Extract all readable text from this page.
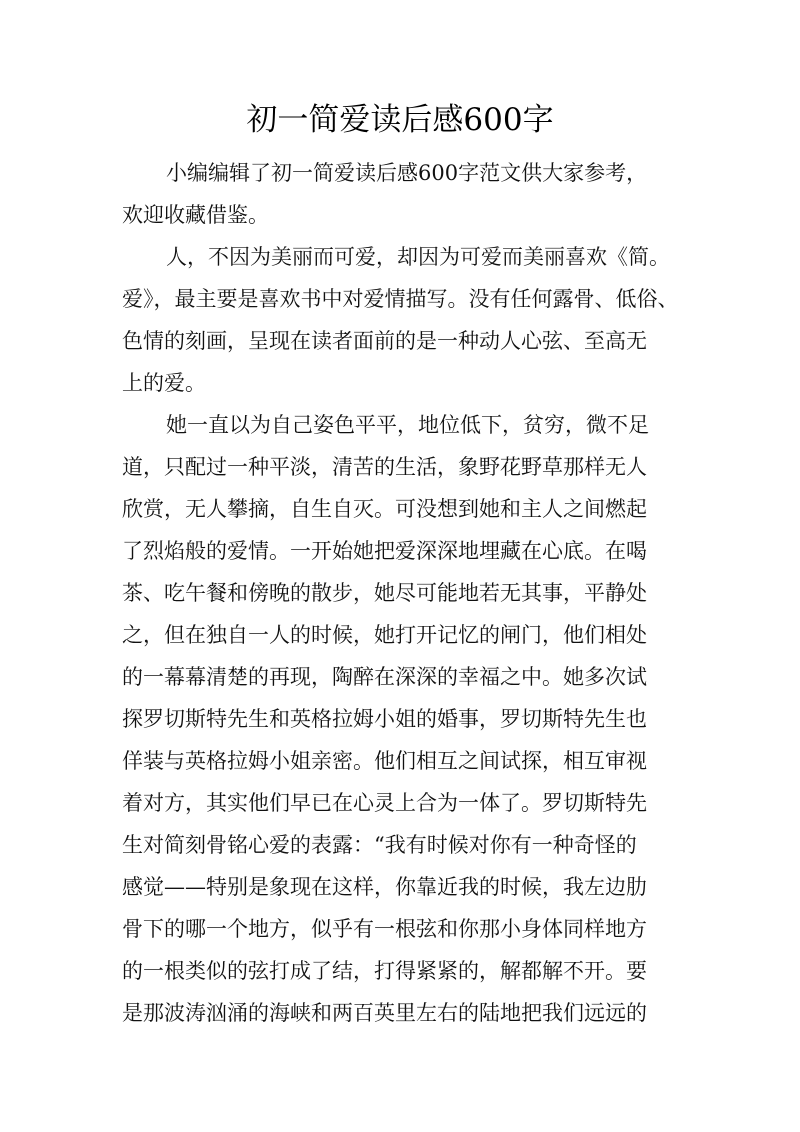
初一简爱读后感600字
小编编辑了初一简爱读后感600字范文供大家参考，
欢迎收藏借鉴。
人，不因为美丽而可爱，却因为可爱而美丽喜欢《简。
爱》，最主要是喜欢书中对爱情描写。没有任何露骨、低俗、
色情的刻画，呈现在读者面前的是一种动人心弦、至高无
上的爱。
她一直以为自己姿色平平，地位低下，贫穷，微不足
道，只配过一种平淡，清苦的生活，象野花野草那样无人
欣赏，无人攀摘，自生自灭。可没想到她和主人之间燃起
了烈焰般的爱情。一开始她把爱深深地埋藏在心底。在喝
茶、吃午餐和傍晚的散步，她尽可能地若无其事，平静处
之，但在独自一人的时候，她打开记忆的闸门，他们相处
的一幕幕清楚的再现，陶醉在深深的幸福之中。她多次试
探罗切斯特先生和英格拉姆小姐的婚事，罗切斯特先生也
佯装与英格拉姆小姐亲密。他们相互之间试探，相互审视
着对方，其实他们早已在心灵上合为一体了。罗切斯特先
生对简刻骨铭心爱的表露：“我有时候对你有一种奇怪的
感觉——特别是象现在这样，你靠近我的时候，我左边肋
骨下的哪一个地方，似乎有一根弦和你那小身体同样地方
的一根类似的弦打成了结，打得紧紧的，解都解不开。要
是那波涛汹涌的海峡和两百英里左右的陆地把我们远远的
